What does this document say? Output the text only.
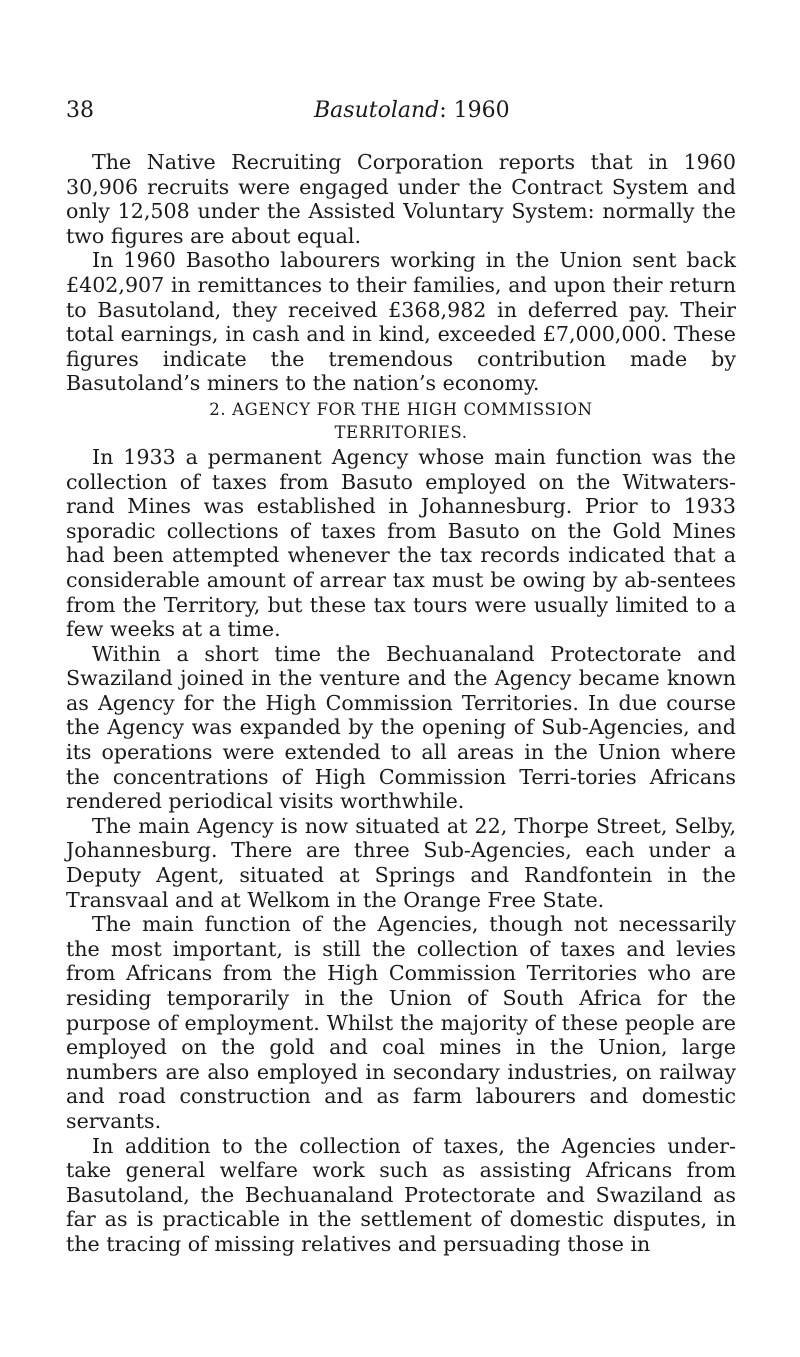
38	Basutoland: 1960

The Native Recruiting Corporation reports that in 1960 30,906 recruits were engaged under the Contract System and only 12,508 under the Assisted Voluntary System: normally the two figures are about equal.

In 1960 Basotho labourers working in the Union sent back £402,907 in remittances to their families, and upon their return to Basutoland, they received £368,982 in deferred pay. Their total earnings, in cash and in kind, exceeded £7,000,000. These figures indicate the tremendous contribution made by Basutoland’s miners to the nation’s economy.

2. AGENCY FOR THE HIGH COMMISSION
TERRITORIES.

In 1933 a permanent Agency whose main function was the collection of taxes from Basuto employed on the Witwaters-rand Mines was established in Johannesburg. Prior to 1933 sporadic collections of taxes from Basuto on the Gold Mines had been attempted whenever the tax records indicated that a considerable amount of arrear tax must be owing by ab-sentees from the Territory, but these tax tours were usually limited to a few weeks at a time.

Within a short time the Bechuanaland Protectorate and Swaziland joined in the venture and the Agency became known as Agency for the High Commission Territories. In due course the Agency was expanded by the opening of Sub-Agencies, and its operations were extended to all areas in the Union where the concentrations of High Commission Terri-tories Africans rendered periodical visits worthwhile.

The main Agency is now situated at 22, Thorpe Street, Selby, Johannesburg. There are three Sub-Agencies, each under a Deputy Agent, situated at Springs and Randfontein in the Transvaal and at Welkom in the Orange Free State.

The main function of the Agencies, though not necessarily the most important, is still the collection of taxes and levies from Africans from the High Commission Territories who are residing temporarily in the Union of South Africa for the purpose of employment. Whilst the majority of these people are employed on the gold and coal mines in the Union, large numbers are also employed in secondary industries, on railway and road construction and as farm labourers and domestic servants.

In addition to the collection of taxes, the Agencies under-take general welfare work such as assisting Africans from Basutoland, the Bechuanaland Protectorate and Swaziland as far as is practicable in the settlement of domestic disputes, in the tracing of missing relatives and persuading those in
